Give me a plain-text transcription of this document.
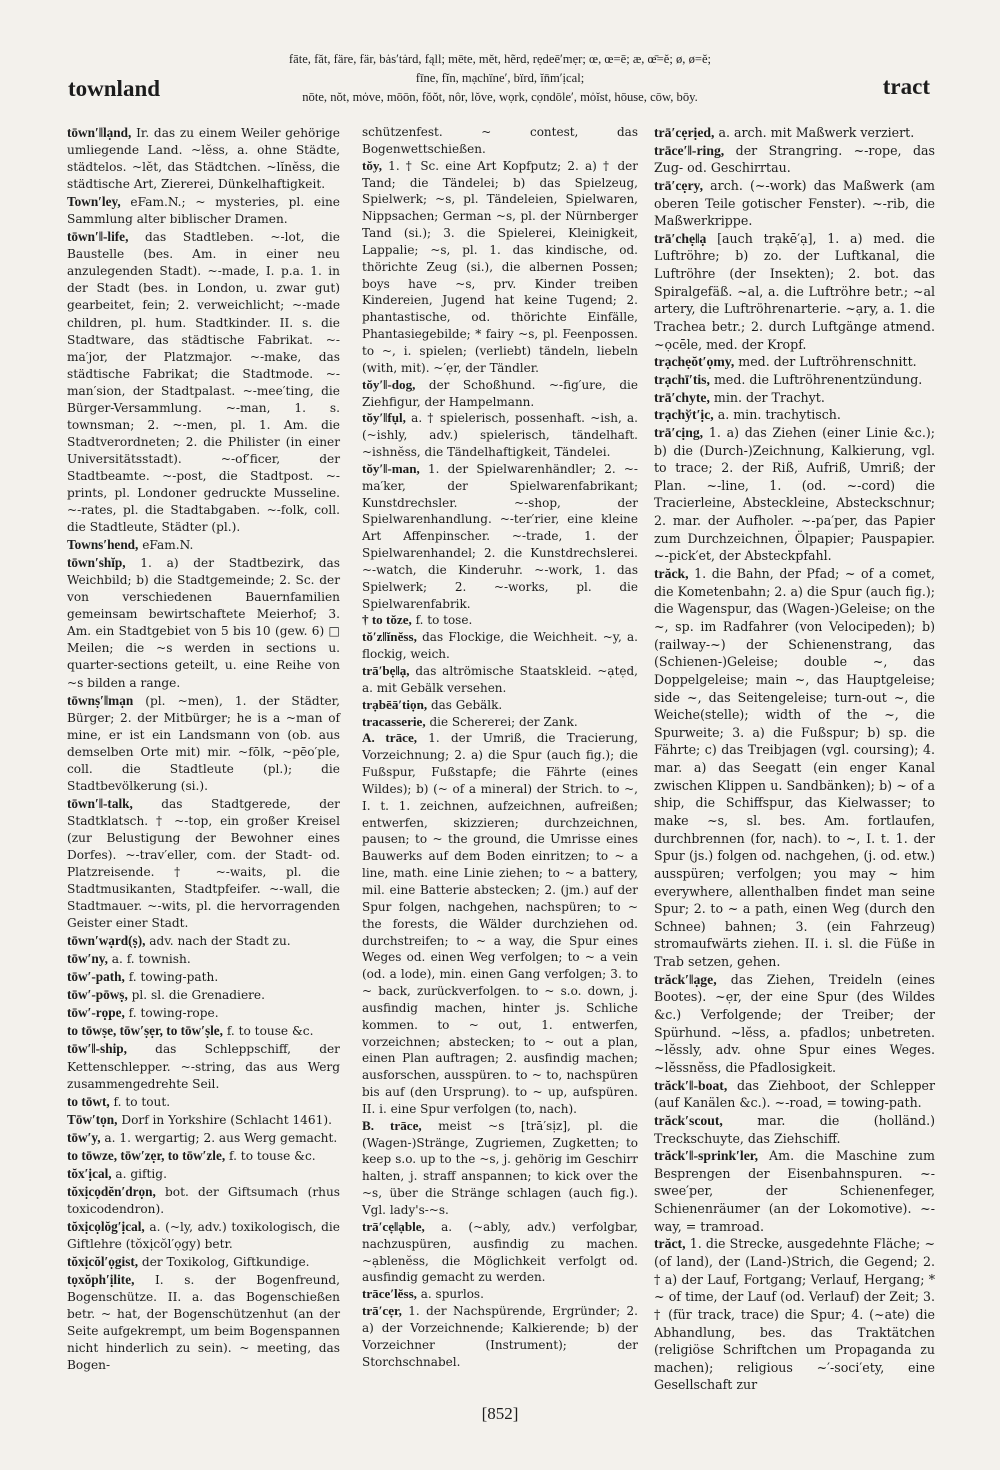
townland
fāte, făt, färe, fär, bȧs′tȧrd, fąll; mēte, mĕt, hẽrd, rẹdeē′mẹr; œ, œ=ē; æ, œ̄=ĕ; ø, ø=ĕ;
fīne, fĭn, mạchïne′, bïrd, ĭn̄m′ịcal;
nōte, nŏt, mȯve, mōōn, fŏŏt, nôr, lŏve, wọrk, cọndōle′, mȯĭst, hōuse, cōw, bōy.	tract

tōwn′‖lạnd, Ir. das zu einem Weiler gehörige umliegende Land. ~lĕss, a. ohne Städte, städtelos. ~lĕt, das Städtchen. ~lĭnĕss, die städtische Art, Ziererei, Dünkelhaftigkeit.

Town′ley, eFam.N.; ~ mysteries, pl. eine Sammlung alter biblischer Dramen.

tōwn′‖-life, das Stadtleben. ~-lot, die Baustelle (bes. Am. in einer neu anzulegenden Stadt). ~-made, I. p.a. 1. in der Stadt (bes. in London, u. zwar gut) gearbeitet, fein; 2. verweichlicht; ~-made children, pl. hum. Stadtkinder. II. s. die Stadtware, das städtische Fabrikat. ~-ma′jor, der Platzmajor. ~-make, das städtische Fabrikat; die Stadtmode. ~-man′sion, der Stadtpalast. ~-mee′ting, die Bürger-Versammlung. ~-man, 1. s. townsman; 2. ~-men, pl. 1. Am. die Stadtverordneten; 2. die Philister (in einer Universitätsstadt). ~-of′ficer, der Stadtbeamte. ~-post, die Stadtpost. ~-prints, pl. Londoner gedruckte Musseline. ~-rates, pl. die Stadtabgaben. ~-folk, coll. die Stadtleute, Städter (pl.).

Towns′hend, eFam.N.

tōwn′shĭp, 1. a) der Stadtbezirk, das Weichbild; b) die Stadtgemeinde; 2. Sc. der von verschiedenen Bauernfamilien gemeinsam bewirtschaftete Meierhof; 3. Am. ein Stadtgebiet von 5 bis 10 (gew. 6) □ Meilen; die ~s werden in sections u. quarter-sections geteilt, u. eine Reihe von ~s bilden a range.

tōwnṣ′‖mạn (pl. ~men), 1. der Städter, Bürger; 2. der Mitbürger; he is a ~man of mine, er ist ein Landsmann von (ob. aus demselben Orte mit) mir. ~fōlk, ~pēo′ple, coll. die Stadtleute (pl.); die Stadtbevölkerung (si.).

tōwn′‖-talk, das Stadtgerede, der Stadtklatsch. † ~-top, ein großer Kreisel (zur Belustigung der Bewohner eines Dorfes). ~-trav′eller, com. der Stadt- od. Platzreisende. † ~-waits, pl. die Stadtmusikanten, Stadtpfeifer. ~-wall, die Stadtmauer. ~-wits, pl. die hervorragenden Geister einer Stadt.

tōwn′wạrd(ṣ), adv. nach der Stadt zu.

tōw′ny, a. f. townish.

tōw′-path, f. towing-path.

tōw′-pōwṣ, pl. sl. die Grenadiere.

tōw′-rọpe, f. towing-rope.

to tōwṣe, tōw′ṣẹr, to tōw′ṣle, f. to touse &c.

tōw′‖-ship, das Schleppschiff, der Kettenschlepper. ~-string, das aus Werg zusammengedrehte Seil.

to tōwt, f. to tout.

Tōw′tọn, Dorf in Yorkshire (Schlacht 1461).

tōw′y, a. 1. wergartig; 2. aus Werg gemacht.

to tōwze, tōw′zẹr, to tōw′zle, f. to touse &c.

tŏx′ịcal, a. giftig.

tŏxịcọdĕn′drọn, bot. der Giftsumach (rhus toxicodendron).

tŏxịcọlŏg′ịcal, a. (~ly, adv.) toxikologisch, die Giftlehre (tŏxịcŏl′ọgy) betr.

tŏxịcŏl′ọgist, der Toxikolog, Giftkundige.

tọxŏph′ịlite, I. s. der Bogenfreund, Bogenschütze. II. a. das Bogenschießen betr. ~ hat, der Bogenschützenhut (an der Seite aufgekrempt, um beim Bogenspannen nicht hinderlich zu sein). ~ meeting, das Bogen-

schützenfest. ~ contest, das Bogenwettschießen.

tŏy, 1. † Sc. eine Art Kopfputz; 2. a) † der Tand; die Tändelei; b) das Spielzeug, Spielwerk; ~s, pl. Tändeleien, Spielwaren, Nippsachen; German ~s, pl. der Nürnberger Tand (si.); 3. die Spielerei, Kleinigkeit, Lappalie; ~s, pl. 1. das kindische, od. thörichte Zeug (si.), die albernen Possen; boys have ~s, prv. Kinder treiben Kindereien, Jugend hat keine Tugend; 2. phantastische, od. thörichte Einfälle, Phantasiegebilde; * fairy ~s, pl. Feenpossen. to ~, i. spielen; (verliebt) tändeln, liebeln (with, mit). ~′ẹr, der Tändler.

tŏy′‖-dog, der Schoßhund. ~-fig′ure, die Ziehfigur, der Hampelmann.

tŏy′‖fụl, a. † spielerisch, possenhaft. ~ish, a. (~ishly, adv.) spielerisch, tändelhaft. ~ishnĕss, die Tändelhaftigkeit, Tändelei.

tŏy′‖-man, 1. der Spielwarenhändler; 2. ~-ma′ker, der Spielwarenfabrikant; Kunstdrechsler. ~-shop, der Spielwarenhandlung. ~-ter′rier, eine kleine Art Affenpinscher. ~-trade, 1. der Spielwarenhandel; 2. die Kunstdrechslerei. ~-watch, die Kinderuhr. ~-work, 1. das Spielwerk; 2. ~-works, pl. die Spielwarenfabrik.

† to tŏze, f. to tose.

tŏ′z‖ĭnĕss, das Flockige, die Weichheit. ~y, a. flockig, weich.

trā′bẹ‖ạ, das altrömische Staatskleid. ~ạtẹd, a. mit Gebälk versehen.

trạbēā′tiọn, das Gebälk.

tracasserie, die Schererei; der Zank.

A. trāce, 1. der Umriß, die Tracierung, Vorzeichnung; 2. a) die Spur (auch fig.); die Fußspur, Fußstapfe; die Fährte (eines Wildes); b) (~ of a mineral) der Strich. to ~, I. t. 1. zeichnen, aufzeichnen, aufreißen; entwerfen, skizzieren; durchzeichnen, pausen; to ~ the ground, die Umrisse eines Bauwerks auf dem Boden einritzen; to ~ a line, math. eine Linie ziehen; to ~ a battery, mil. eine Batterie abstecken; 2. (jm.) auf der Spur folgen, nachgehen, nachspüren; to ~ the forests, die Wälder durchziehen od. durchstreifen; to ~ a way, die Spur eines Weges od. einen Weg verfolgen; to ~ a vein (od. a lode), min. einen Gang verfolgen; 3. to ~ back, zurückverfolgen. to ~ s.o. down, j. ausfindig machen, hinter js. Schliche kommen. to ~ out, 1. entwerfen, vorzeichnen; abstecken; to ~ out a plan, einen Plan auftragen; 2. ausfindig machen; ausforschen, ausspüren. to ~ to, nachspüren bis auf (den Ursprung). to ~ up, aufspüren. II. i. eine Spur verfolgen (to, nach).

B. trāce, meist ~s [trā′sịz], pl. die (Wagen-)Stränge, Zugriemen, Zugketten; to keep s.o. up to the ~s, j. gehörig im Geschirr halten, j. straff anspannen; to kick over the ~s, über die Stränge schlagen (auch fig.). Vgl. lady's-~s.

trā′cẹ‖ạble, a. (~ably, adv.) verfolgbar, nachzuspüren, ausfindig zu machen. ~ạblenĕss, die Möglichkeit verfolgt od. ausfindig gemacht zu werden.

trāce′lĕss, a. spurlos.

trā′cẹr, 1. der Nachspürende, Ergründer; 2. a) der Vorzeichnende; Kalkierende; b) der Vorzeichner (Instrument); der Storchschnabel.

trā′cẹrịed, a. arch. mit Maßwerk verziert.

trāce′‖-ring, der Strangring. ~-rope, das Zug- od. Geschirrtau.

trā′cẹry, arch. (~-work) das Maßwerk (am oberen Teile gotischer Fenster). ~-rib, die Maßwerkrippe.

trā′chẹ‖ạ [auch trạkē′ạ], 1. a) med. die Luftröhre; b) zo. der Luftkanal, die Luftröhre (der Insekten); 2. bot. das Spiralgefäß. ~al, a. die Luftröhre betr.; ~al artery, die Luftröhrenarterie. ~ạry, a. 1. die Trachea betr.; 2. durch Luftgänge atmend. ~ọcēle, med. der Kropf.

trạchẹŏt′ọmy, med. der Luftröhrenschnitt.

trạchī′tis, med. die Luftröhrenentzündung.

trā′chyte, min. der Trachyt.

trạchўt′ịc, a. min. trachytisch.

trā′cịng, 1. a) das Ziehen (einer Linie &c.); b) die (Durch-)Zeichnung, Kalkierung, vgl. to trace; 2. der Riß, Aufriß, Umriß; der Plan. ~-line, 1. (od. ~-cord) die Tracierleine, Absteckleine, Absteckschnur; 2. mar. der Aufholer. ~-pa′per, das Papier zum Durchzeichnen, Ölpapier; Pauspapier. ~-pick′et, der Absteckpfahl.

trăck, 1. die Bahn, der Pfad; ~ of a comet, die Kometenbahn; 2. a) die Spur (auch fig.); die Wagenspur, das (Wagen-)Geleise; on the ~, sp. im Radfahrer (von Velocipeden); b) (railway-~) der Schienenstrang, das (Schienen-)Geleise; double ~, das Doppelgeleise; main ~, das Hauptgeleise; side ~, das Seitengeleise; turn-out ~, die Weiche(stelle); width of the ~, die Spurweite; 3. a) die Fußspur; b) sp. die Fährte; c) das Treibjagen (vgl. coursing); 4. mar. a) das Seegatt (ein enger Kanal zwischen Klippen u. Sandbänken); b) ~ of a ship, die Schiffspur, das Kielwasser; to make ~s, sl. bes. Am. fortlaufen, durchbrennen (for, nach). to ~, I. t. 1. der Spur (js.) folgen od. nachgehen, (j. od. etw.) ausspüren; verfolgen; you may ~ him everywhere, allenthalben findet man seine Spur; 2. to ~ a path, einen Weg (durch den Schnee) bahnen; 3. (ein Fahrzeug) stromaufwärts ziehen. II. i. sl. die Füße in Trab setzen, gehen.

trăck′‖ạge, das Ziehen, Treideln (eines Bootes). ~ẹr, der eine Spur (des Wildes &c.) Verfolgende; der Treiber; der Spürhund. ~lĕss, a. pfadlos; unbetreten. ~lĕssly, adv. ohne Spur eines Weges. ~lĕssnĕss, die Pfadlosigkeit.

trăck′‖-boat, das Ziehboot, der Schlepper (auf Kanälen &c.). ~-road, = towing-path.

trăck′scout, mar. die (holländ.) Treckschuyte, das Ziehschiff.

trăck′‖-sprink′ler, Am. die Maschine zum Besprengen der Eisenbahnspuren. ~-swee′per, der Schienenfeger, Schienenräumer (an der Lokomotive). ~-way, = tramroad.

trăct, 1. die Strecke, ausgedehnte Fläche; ~ (of land), der (Land-)Strich, die Gegend; 2. † a) der Lauf, Fortgang; Verlauf, Hergang; * ~ of time, der Lauf (od. Verlauf) der Zeit; 3. † (für track, trace) die Spur; 4. (~ate) die Abhandlung, bes. das Traktätchen (religiöse Schriftchen um Propaganda zu machen); religious ~′-soci′ety, eine Gesellschaft zur

[852]
